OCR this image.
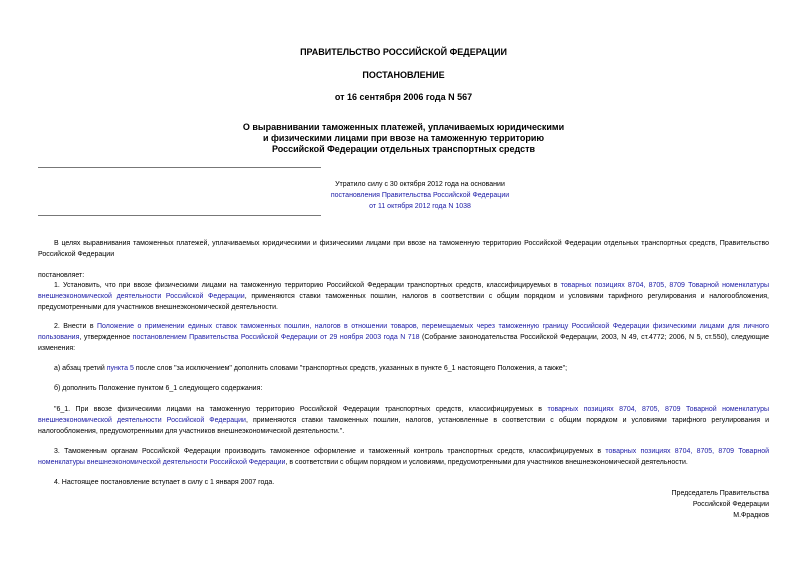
ПРАВИТЕЛЬСТВО РОССИЙСКОЙ ФЕДЕРАЦИИ
ПОСТАНОВЛЕНИЕ
от 16 сентября 2006 года N 567
О выравнивании таможенных платежей, уплачиваемых юридическими
и физическими лицами при ввозе на таможенную территорию
Российской Федерации отдельных транспортных средств
Утратило силу с 30 октября 2012 года на основании
постановления Правительства Российской Федерации
от 11 октября 2012 года N 1038
В целях выравнивания таможенных платежей, уплачиваемых юридическими и физическими лицами при ввозе на таможенную территорию Российской Федерации отдельных транспортных средств, Правительство Российской Федерации
постановляет:
1. Установить, что при ввозе физическими лицами на таможенную территорию Российской Федерации транспортных средств, классифицируемых в товарных позициях 8704, 8705, 8709 Товарной номенклатуры внешнеэкономической деятельности Российской Федерации, применяются ставки таможенных пошлин, налогов в соответствии с общим порядком и условиями тарифного регулирования и налогообложения, предусмотренными для участников внешнеэкономической деятельности.
2. Внести в Положение о применении единых ставок таможенных пошлин, налогов в отношении товаров, перемещаемых через таможенную границу Российской Федерации физическими лицами для личного пользования, утвержденное постановлением Правительства Российской Федерации от 29 ноября 2003 года N 718 (Собрание законодательства Российской Федерации, 2003, N 49, ст.4772; 2006, N 5, ст.550), следующие изменения:
а) абзац третий пункта 5 после слов "за исключением" дополнить словами "транспортных средств, указанных в пункте 6_1 настоящего Положения, а также";
б) дополнить Положение пунктом 6_1 следующего содержания:
"6_1. При ввозе физическими лицами на таможенную территорию Российской Федерации транспортных средств, классифицируемых в товарных позициях 8704, 8705, 8709 Товарной номенклатуры внешнеэкономической деятельности Российской Федерации, применяются ставки таможенных пошлин, налогов, установленные в соответствии с общим порядком и условиями тарифного регулирования и налогообложения, предусмотренными для участников внешнеэкономической деятельности.".
3. Таможенным органам Российской Федерации производить таможенное оформление и таможенный контроль транспортных средств, классифицируемых в товарных позициях 8704, 8705, 8709 Товарной номенклатуры внешнеэкономической деятельности Российской Федерации, в соответствии с общим порядком и условиями, предусмотренными для участников внешнеэкономической деятельности.
4. Настоящее постановление вступает в силу с 1 января 2007 года.
Председатель Правительства
Российской Федерации
М.Фрадков
